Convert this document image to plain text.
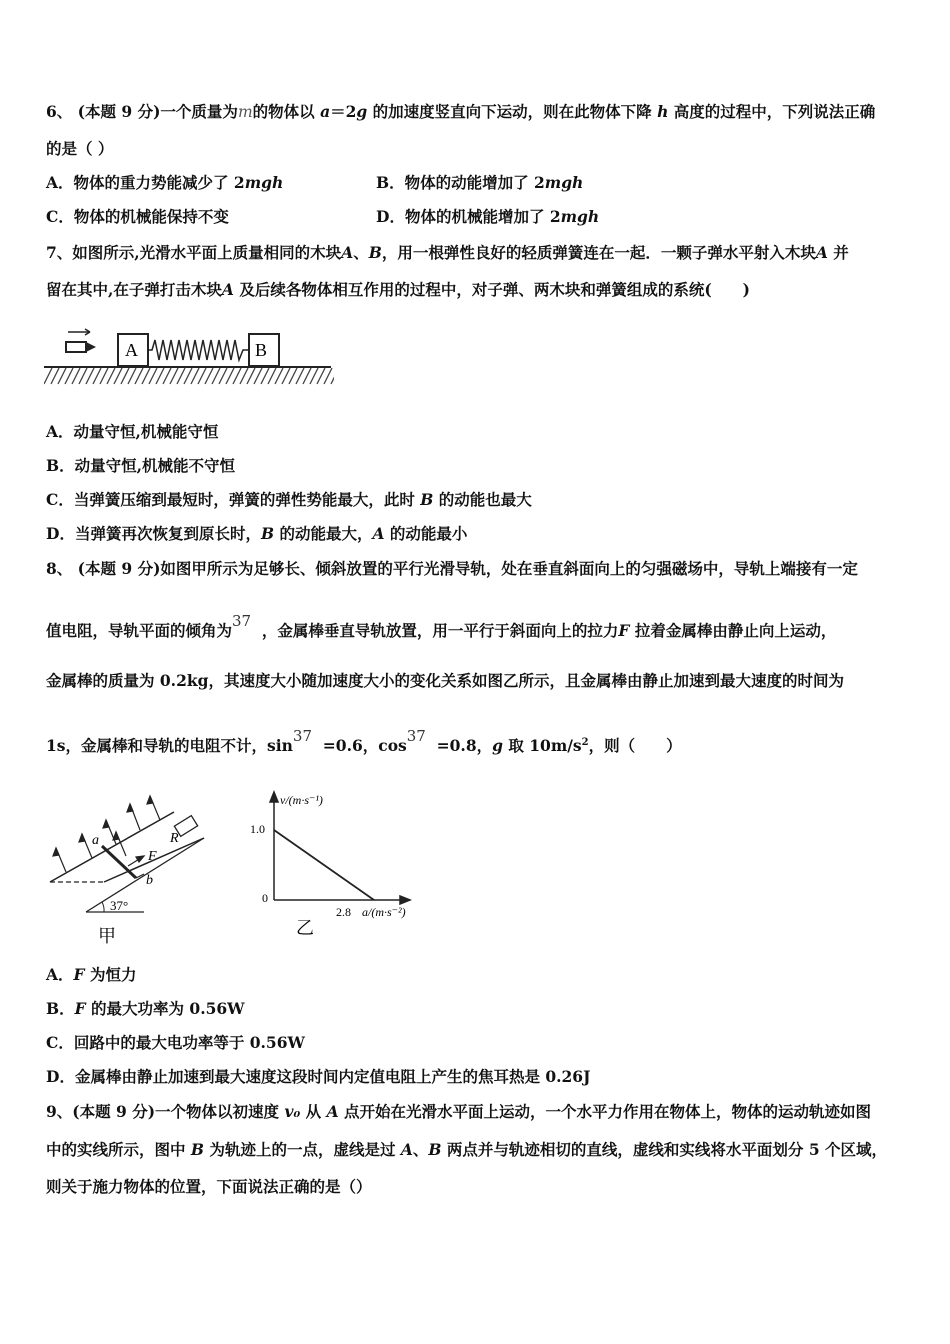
6、 (本题 9 分)一个质量为m的物体以 a＝2g 的加速度竖直向下运动，则在此物体下降 h 高度的过程中，下列说法正确
的是（ ）
A．物体的重力势能减少了 2mgh	B．物体的动能增加了 2mgh
C．物体的机械能保持不变	D．物体的机械能增加了 2mgh
7、如图所示,光滑水平面上质量相同的木块A、B，用一根弹性良好的轻质弹簧连在一起．一颗子弹水平射入木块A 并
留在其中,在子弹打击木块A 及后续各物体相互作用的过程中，对子弹、两木块和弹簧组成的系统(　　)
A	B
A．动量守恒,机械能守恒
B．动量守恒,机械能不守恒
C．当弹簧压缩到最短时，弹簧的弹性势能最大，此时 B 的动能也最大
D．当弹簧再次恢复到原长时，B 的动能最大，A 的动能最小
8、 (本题 9 分)如图甲所示为足够长、倾斜放置的平行光滑导轨，处在垂直斜面向上的匀强磁场中，导轨上端接有一定
值电阻，导轨平面的倾角为37 ，金属棒垂直导轨放置，用一平行于斜面向上的拉力F 拉着金属棒由静止向上运动，
金属棒的质量为 0.2kg，其速度大小随加速度大小的变化关系如图乙所示，且金属棒由静止加速到最大速度的时间为
1s，金属棒和导轨的电阻不计，sin37 =0.6，cos37 =0.8，g 取 $10m/s^2$，则（　　）
a
b
R
F
37°
甲
v/(m·s⁻¹)
a/(m·s⁻²)
1.0
0
2.8
乙
A．F 为恒力
B．F 的最大功率为 0.56W
C．回路中的最大电功率等于 0.56W
D．金属棒由静止加速到最大速度这段时间内定值电阻上产生的焦耳热是 0.26J
9、(本题 9 分)一个物体以初速度 v₀ 从 A 点开始在光滑水平面上运动，一个水平力作用在物体上，物体的运动轨迹如图
中的实线所示，图中 B 为轨迹上的一点，虚线是过 A、B 两点并与轨迹相切的直线，虚线和实线将水平面划分 5 个区域，
则关于施力物体的位置，下面说法正确的是（）
